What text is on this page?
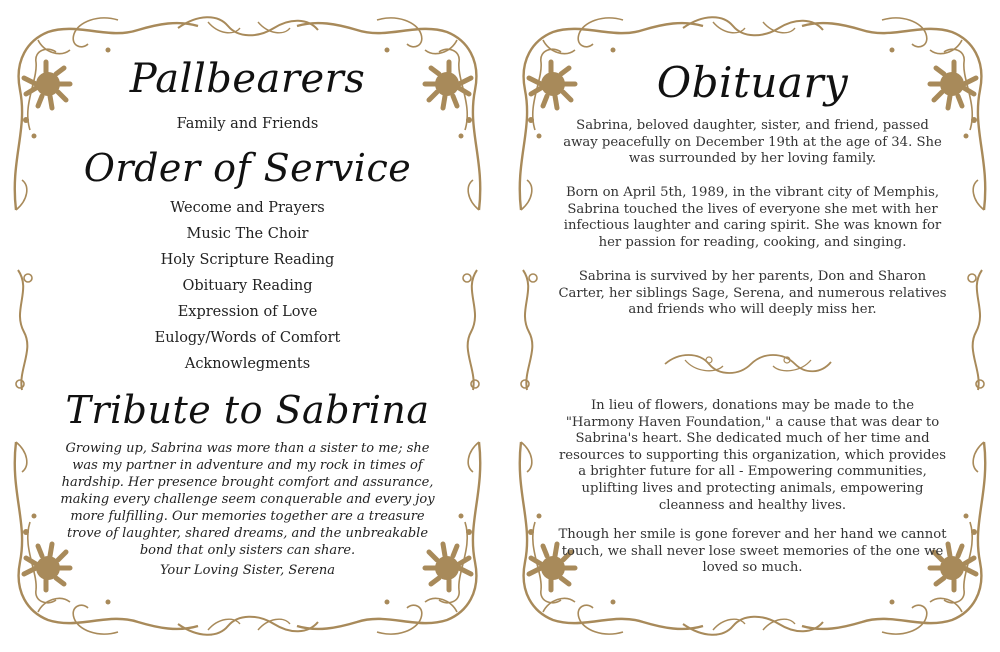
Pallbearers
Family and Friends
Order of Service
Wecome and Prayers
Music The Choir
Holy Scripture Reading
Obituary Reading
Expression of Love
Eulogy/Words of Comfort
Acknowlegments
Tribute to Sabrina
Growing up, Sabrina was more than a sister to me; she was my partner in adventure and my rock in times of hardship. Her presence brought comfort and assurance, making every challenge seem conquerable and every joy more fulfilling. Our memories together are a treasure trove of laughter, shared dreams, and the unbreakable bond that only sisters can share.
Your Loving Sister, Serena
Obituary
Sabrina, beloved daughter, sister, and friend, passed away peacefully on December 19th at the age of 34. She was surrounded by her loving family.
Born on April 5th, 1989, in the vibrant city of Memphis, Sabrina touched the lives of everyone she met with her infectious laughter and caring spirit. She was known for her passion for reading, cooking, and singing.
Sabrina is survived by her parents, Don and Sharon Carter, her siblings Sage, Serena, and numerous relatives and friends who will deeply miss her.
In lieu of flowers, donations may be made to the "Harmony Haven Foundation," a cause that was dear to Sabrina's heart. She dedicated much of her time and resources to supporting this organization, which provides a brighter future for all - Empowering communities, uplifting lives and protecting animals, empowering cleanness and healthy lives.
Though her smile is gone forever and her hand we cannot touch, we shall never lose sweet memories of the one we loved so much.
